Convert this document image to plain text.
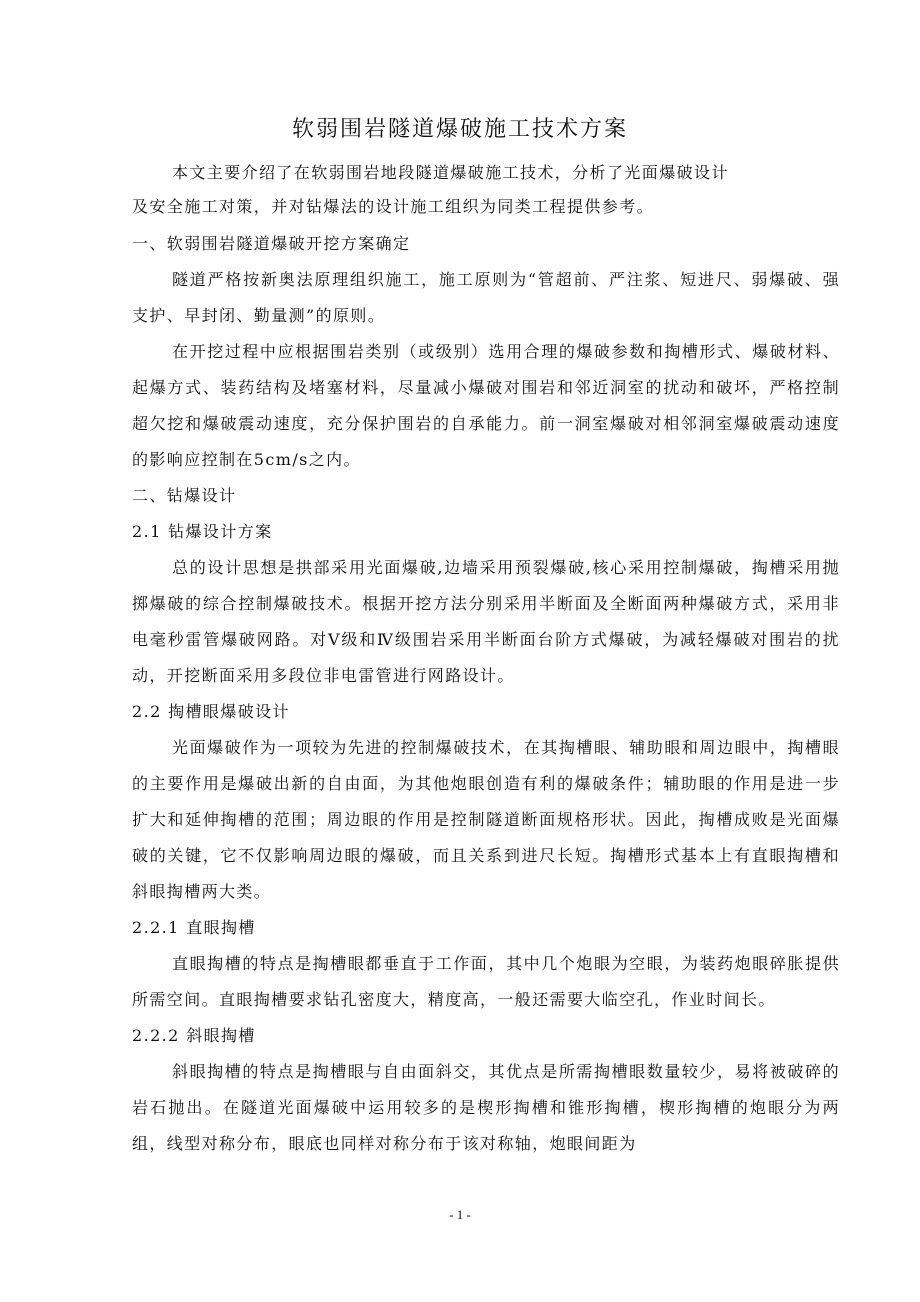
软弱围岩隧道爆破施工技术方案

本文主要介绍了在软弱围岩地段隧道爆破施工技术，分析了光面爆破设计

及安全施工对策，并对钻爆法的设计施工组织为同类工程提供参考。

一、软弱围岩隧道爆破开挖方案确定

隧道严格按新奥法原理组织施工，施工原则为“管超前、严注浆、短进尺、弱爆破、强支护、早封闭、勤量测”的原则。

在开挖过程中应根据围岩类别（或级别）选用合理的爆破参数和掏槽形式、爆破材料、起爆方式、装药结构及堵塞材料，尽量减小爆破对围岩和邻近洞室的扰动和破坏，严格控制超欠挖和爆破震动速度，充分保护围岩的自承能力。前一洞室爆破对相邻洞室爆破震动速度的影响应控制在5cm/s之内。

二、钻爆设计

2.1 钻爆设计方案

总的设计思想是拱部采用光面爆破,边墙采用预裂爆破,核心采用控制爆破，掏槽采用抛掷爆破的综合控制爆破技术。根据开挖方法分别采用半断面及全断面两种爆破方式，采用非电毫秒雷管爆破网路。对Ⅴ级和Ⅳ级围岩采用半断面台阶方式爆破，为减轻爆破对围岩的扰动，开挖断面采用多段位非电雷管进行网路设计。

2.2 掏槽眼爆破设计

光面爆破作为一项较为先进的控制爆破技术，在其掏槽眼、辅助眼和周边眼中，掏槽眼的主要作用是爆破出新的自由面，为其他炮眼创造有利的爆破条件；辅助眼的作用是进一步扩大和延伸掏槽的范围；周边眼的作用是控制隧道断面规格形状。因此，掏槽成败是光面爆破的关键，它不仅影响周边眼的爆破，而且关系到进尺长短。掏槽形式基本上有直眼掏槽和斜眼掏槽两大类。

2.2.1 直眼掏槽

直眼掏槽的特点是掏槽眼都垂直于工作面，其中几个炮眼为空眼，为装药炮眼碎胀提供所需空间。直眼掏槽要求钻孔密度大，精度高，一般还需要大临空孔，作业时间长。

2.2.2 斜眼掏槽

斜眼掏槽的特点是掏槽眼与自由面斜交，其优点是所需掏槽眼数量较少，易将被破碎的岩石抛出。在隧道光面爆破中运用较多的是楔形掏槽和锥形掏槽，楔形掏槽的炮眼分为两组，线型对称分布，眼底也同样对称分布于该对称轴，炮眼间距为

- 1 -
